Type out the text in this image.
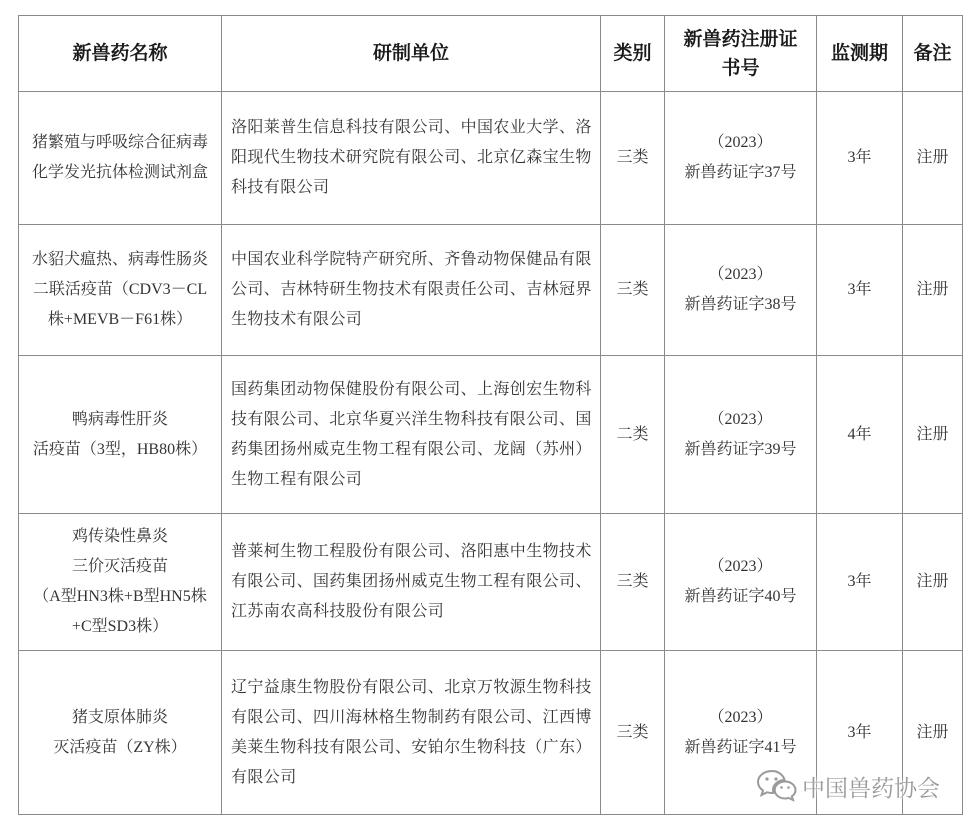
新兽药名称	研制单位	类别	新兽药注册证
书号	监测期	备注

猪繁殖与呼吸综合征病毒
化学发光抗体检测试剂盒	洛阳莱普生信息科技有限公司、中国农业大学、洛
阳现代生物技术研究院有限公司、北京亿森宝生物
科技有限公司	三类	（2023）
新兽药证字37号	3年	注册

水貂犬瘟热、病毒性肠炎
二联活疫苗（CDV3－CL
株+MEVB－F61株）	中国农业科学院特产研究所、齐鲁动物保健品有限
公司、吉林特研生物技术有限责任公司、吉林冠界
生物技术有限公司	三类	（2023）
新兽药证字38号	3年	注册

鸭病毒性肝炎
活疫苗（3型，HB80株）	国药集团动物保健股份有限公司、上海创宏生物科
技有限公司、北京华夏兴洋生物科技有限公司、国
药集团扬州威克生物工程有限公司、龙阔（苏州）
生物工程有限公司	二类	（2023）
新兽药证字39号	4年	注册

鸡传染性鼻炎
三价灭活疫苗
（A型HN3株+B型HN5株
+C型SD3株）	普莱柯生物工程股份有限公司、洛阳惠中生物技术
有限公司、国药集团扬州威克生物工程有限公司、
江苏南农高科技股份有限公司	三类	（2023）
新兽药证字40号	3年	注册

猪支原体肺炎
灭活疫苗（ZY株）	辽宁益康生物股份有限公司、北京万牧源生物科技
有限公司、四川海林格生物制药有限公司、江西博
美莱生物科技有限公司、安铂尔生物科技（广东）
有限公司	三类	（2023）
新兽药证字41号	3年	注册
中国兽药协会
